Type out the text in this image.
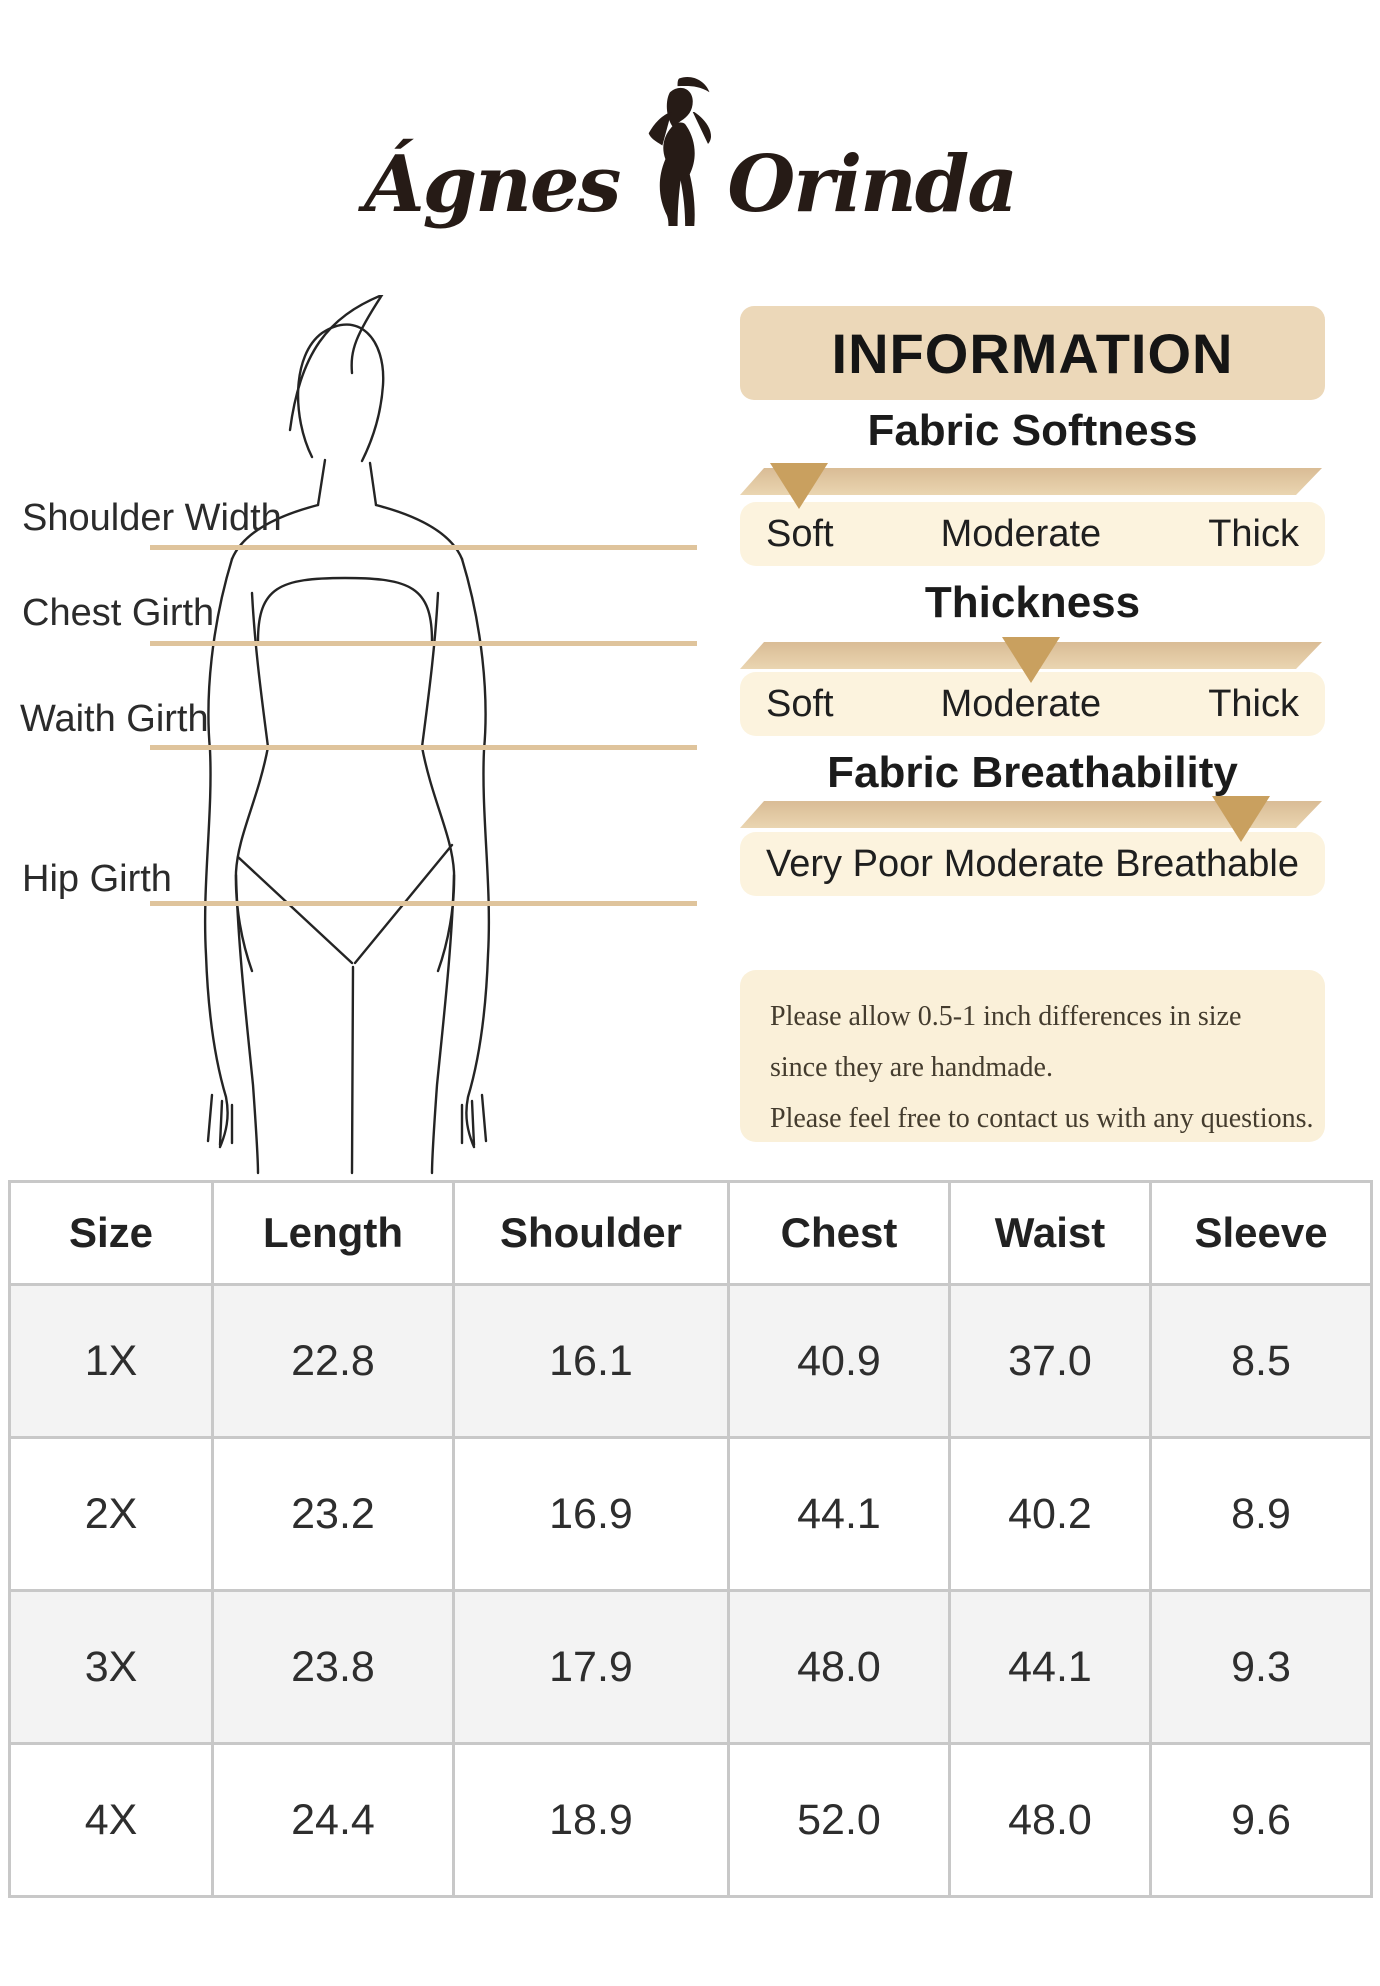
Ágnes Orinda
Shoulder Width
Chest Girth
Waith Girth
Hip Girth
INFORMATION
Fabric Softness
Soft	Moderate	Thick
Thickness
Soft	Moderate	Thick
Fabric Breathability
Very Poor Moderate Breathable
Please allow 0.5-1 inch differences in size
since they are handmade.
Please feel free to contact us with any questions.
Size	Length	Shoulder	Chest	Waist	Sleeve
1X	22.8	16.1	40.9	37.0	8.5
2X	23.2	16.9	44.1	40.2	8.9
3X	23.8	17.9	48.0	44.1	9.3
4X	24.4	18.9	52.0	48.0	9.6
